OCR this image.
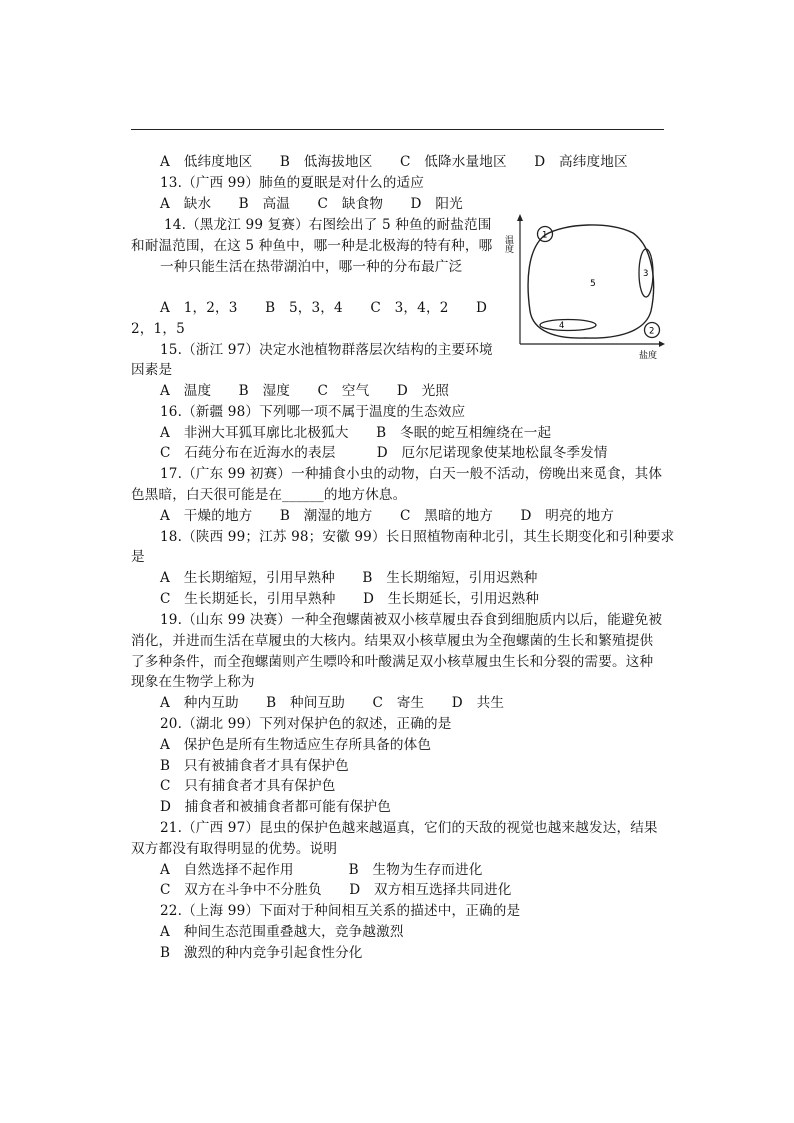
A　低纬度地区　　B　低海拔地区　　C　低降水量地区　　D　高纬度地区
13.（广西 99）肺鱼的夏眠是对什么的适应
A　缺水　　B　高温　　C　缺食物　　D　阳光
14.（黑龙江 99 复赛）右图绘出了 5 种鱼的耐盐范围
和耐温范围，在这 5 种鱼中，哪一种是北极海的特有种，哪
一种只能生活在热带湖泊中，哪一种的分布最广泛
A　1，2，3　　B　5，3，4　　C　3，4，2　　D
2，1，5
15.（浙江 97）决定水池植物群落层次结构的主要环境
因素是
A　温度　　B　湿度　　C　空气　　D　光照
16.（新疆 98）下列哪一项不属于温度的生态效应
A　非洲大耳狐耳廓比北极狐大　　B　冬眠的蛇互相缠绕在一起
C　石莼分布在近海水的表层　　　D　厄尔尼诺现象使某地松鼠冬季发情
17.（广东 99 初赛）一种捕食小虫的动物，白天一般不活动，傍晚出来觅食，其体
色黑暗，白天很可能是在______的地方休息。
A　干燥的地方　　B　潮湿的地方　　C　黑暗的地方　　D　明亮的地方
18.（陕西 99；江苏 98；安徽 99）长日照植物南种北引，其生长期变化和引种要求
是
A　生长期缩短，引用早熟种　　B　生长期缩短，引用迟熟种
C　生长期延长，引用早熟种　　D　生长期延长，引用迟熟种
19.（山东 99 决赛）一种全孢螺菌被双小核草履虫吞食到细胞质内以后，能避免被
消化，并进而生活在草履虫的大核内。结果双小核草履虫为全孢螺菌的生长和繁殖提供
了多种条件，而全孢螺菌则产生嘌呤和叶酸满足双小核草履虫生长和分裂的需要。这种
现象在生物学上称为
A　种内互助　　B　种间互助　　C　寄生　　D　共生
20.（湖北 99）下列对保护色的叙述，正确的是
A　保护色是所有生物适应生存所具备的体色
B　只有被捕食者才具有保护色
C　只有捕食者才具有保护色
D　捕食者和被捕食者都可能有保护色
21.（广西 97）昆虫的保护色越来越逼真，它们的天敌的视觉也越来越发达，结果
双方都没有取得明显的优势。说明
A　自然选择不起作用　　　　B　生物为生存而进化
C　双方在斗争中不分胜负　　D　双方相互选择共同进化
22.（上海 99）下面对于种间相互关系的描述中，正确的是
A　种间生态范围重叠越大，竞争越激烈
B　激烈的种内竞争引起食性分化
温度
盐度
5
1
2
3
4
